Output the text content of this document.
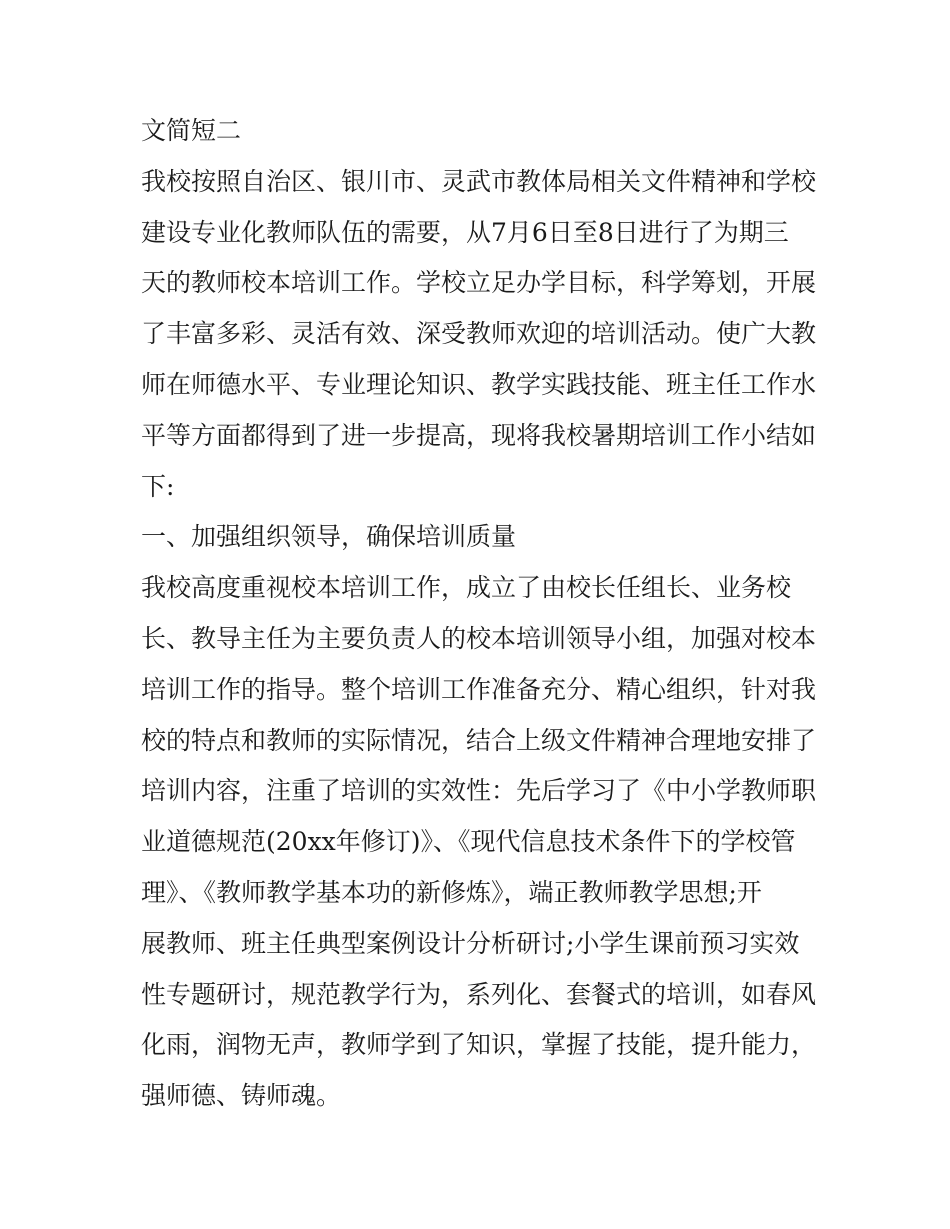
文简短二
我校按照自治区、银川市、灵武市教体局相关文件精神和学校
建设专业化教师队伍的需要，从7月6日至8日进行了为期三
天的教师校本培训工作。学校立足办学目标，科学筹划，开展
了丰富多彩、灵活有效、深受教师欢迎的培训活动。使广大教
师在师德水平、专业理论知识、教学实践技能、班主任工作水
平等方面都得到了进一步提高，现将我校暑期培训工作小结如
下:
一、加强组织领导，确保培训质量
我校高度重视校本培训工作，成立了由校长任组长、业务校
长、教导主任为主要负责人的校本培训领导小组，加强对校本
培训工作的指导。整个培训工作准备充分、精心组织，针对我
校的特点和教师的实际情况，结合上级文件精神合理地安排了
培训内容，注重了培训的实效性：先后学习了《中小学教师职
业道德规范(20xx年修订)》、《现代信息技术条件下的学校管
理》、《教师教学基本功的新修炼》，端正教师教学思想;开
展教师、班主任典型案例设计分析研讨;小学生课前预习实效
性专题研讨，规范教学行为，系列化、套餐式的培训，如春风
化雨，润物无声，教师学到了知识，掌握了技能，提升能力，
强师德、铸师魂。
